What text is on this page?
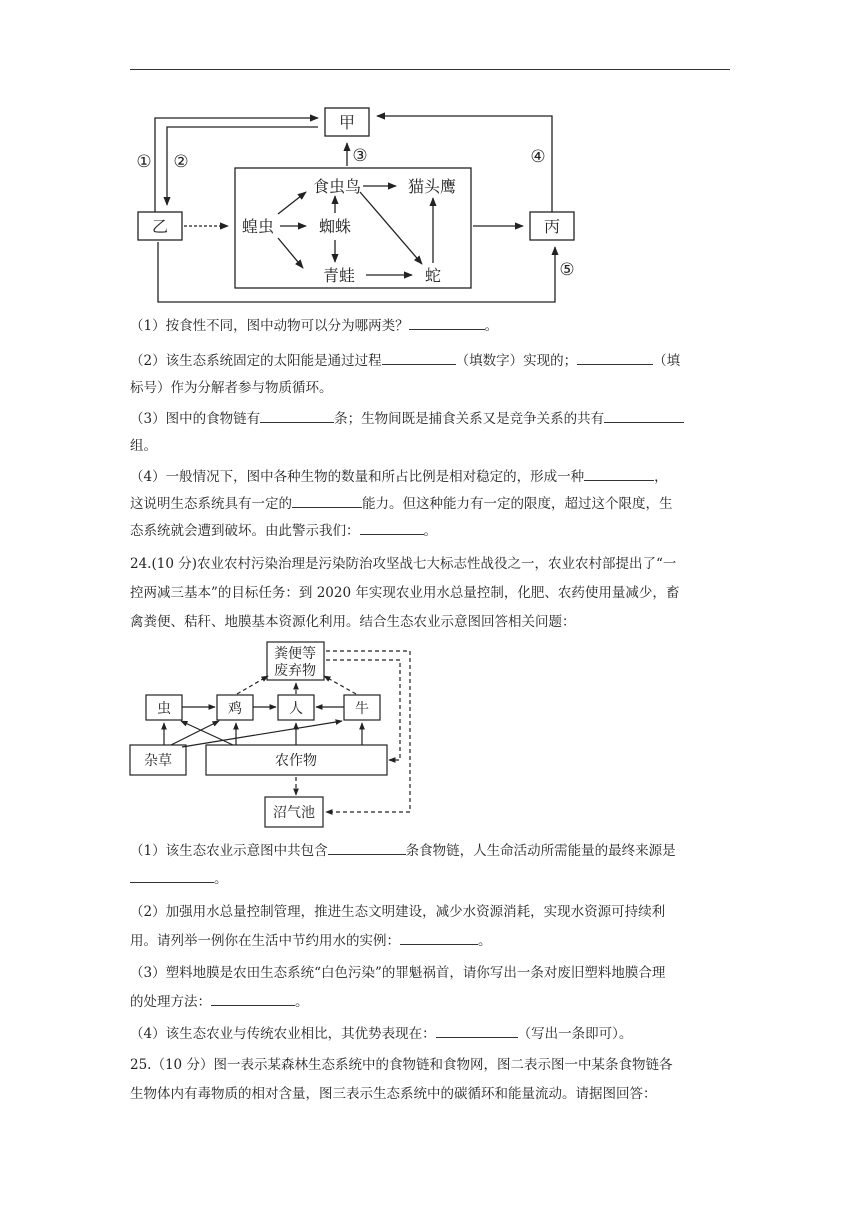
甲
乙	丙
食虫鸟	猫头鹰
蝗虫	蜘蛛
青蛙	蛇
① ②	③	④
⑤
（1）按食性不同，图中动物可以分为哪两类？	。
（2）该生态系统固定的太阳能是通过过程	（填数字）实现的；	（填
标号）作为分解者参与物质循环。
（3）图中的食物链有	条；生物间既是捕食关系又是竞争关系的共有
组。
（4）一般情况下，图中各种生物的数量和所占比例是相对稳定的，形成一种	，
这说明生态系统具有一定的	能力。但这种能力有一定的限度，超过这个限度，生
态系统就会遭到破坏。由此警示我们：	。
24.(10 分)农业农村污染治理是污染防治攻坚战七大标志性战役之一，农业农村部提出了“一
控两减三基本”的目标任务：到 2020 年实现农业用水总量控制，化肥、农药使用量减少，畜
禽粪便、秸秆、地膜基本资源化利用。结合生态农业示意图回答相关问题：
粪便等
废弃物
虫	鸡	人	牛
杂草	农作物
沼气池
（1）该生态农业示意图中共包含	条食物链，人生命活动所需能量的最终来源是
。
（2）加强用水总量控制管理，推进生态文明建设，减少水资源消耗，实现水资源可持续利
用。请列举一例你在生活中节约用水的实例：	。
（3）塑料地膜是农田生态系统“白色污染”的罪魁祸首，请你写出一条对废旧塑料地膜合理
的处理方法：	。
（4）该生态农业与传统农业相比，其优势表现在：	（写出一条即可）。
25.（10 分）图一表示某森林生态系统中的食物链和食物网，图二表示图一中某条食物链各
生物体内有毒物质的相对含量，图三表示生态系统中的碳循环和能量流动。请据图回答：
